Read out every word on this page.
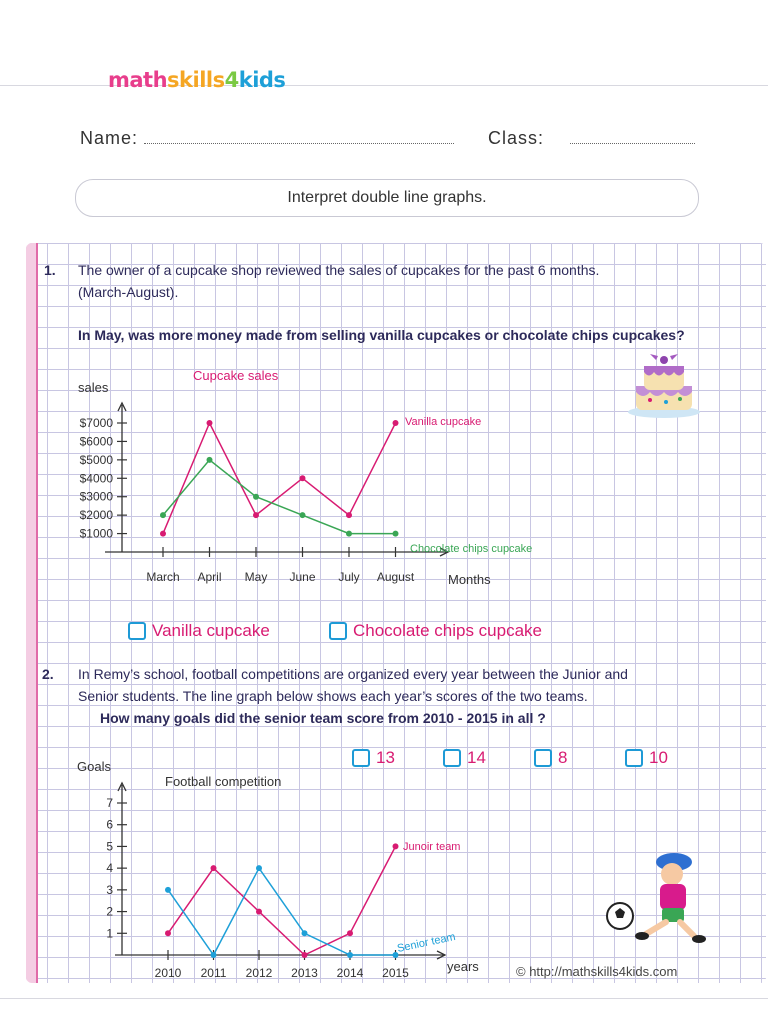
mathskills4kids
Name:	Class:
Interpret double line graphs.
1. The owner of a cupcake shop reviewed the sales of cupcakes for the past 6 months.
(March-August).
In May, was more money made from selling vanilla cupcakes or chocolate chips cupcakes?
Cupcake sales
sales
Months
$1000
$2000
$3000
$4000
$5000
$6000
$7000
March April May June July August
Vanilla cupcake
Chocolate chips cupcake
Vanilla cupcake	Chocolate chips cupcake
2. In Remy’s school, football competitions are organized every year between the Junior and
Senior students. The line graph below shows each year’s scores of the two teams.
How many goals did the senior team score from 2010 - 2015 in all ?
13	14	8	10
Goals
Football competition
years
1
2
3
4
5
6
7
2010 2011 2012 2013 2014 2015
Junoir team
Senior team
© http://mathskills4kids.com
